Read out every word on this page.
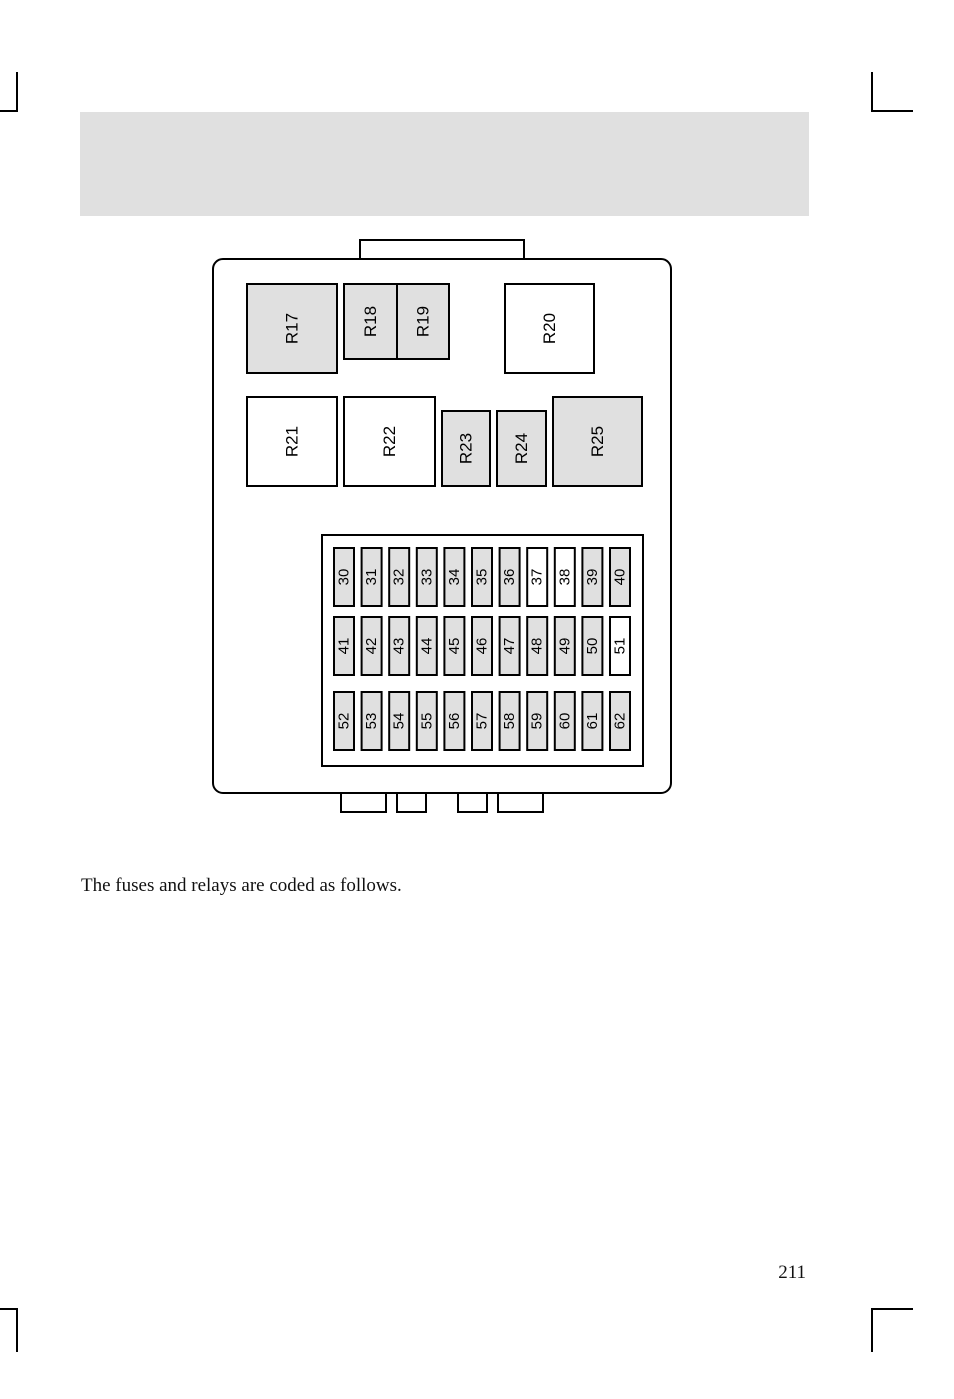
R17	R18 R19	R20
R21	R22	R23 R24	R25
30 31 32 33 34 35 36 37 38 39 40
41 42 43 44 45 46 47 48 49 50 51
52 53 54 55 56 57 58 59 60 61 62
The fuses and relays are coded as follows.
211
